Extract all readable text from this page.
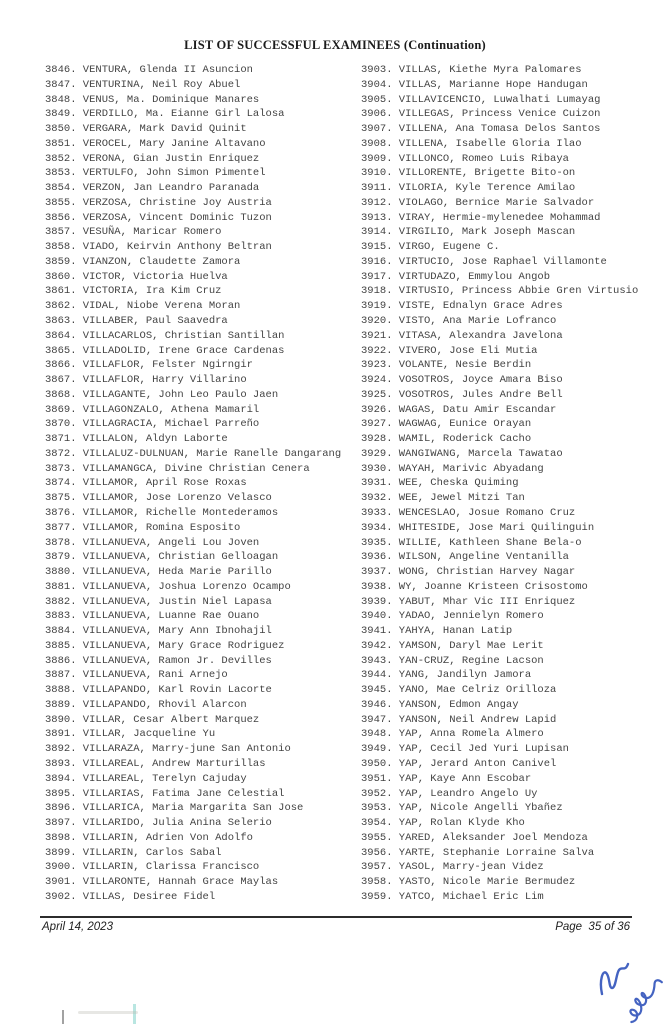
LIST OF SUCCESSFUL EXAMINEES (Continuation)
3846. VENTURA, Glenda II Asuncion
3847. VENTURINA, Neil Roy Abuel
3848. VENUS, Ma. Dominique Manares
3849. VERDILLO, Ma. Eianne Girl Lalosa
3850. VERGARA, Mark David Quinit
3851. VEROCEL, Mary Janine Altavano
3852. VERONA, Gian Justin Enriquez
3853. VERTULFO, John Simon Pimentel
3854. VERZON, Jan Leandro Paranada
3855. VERZOSA, Christine Joy Austria
3856. VERZOSA, Vincent Dominic Tuzon
3857. VESUÑA, Maricar Romero
3858. VIADO, Keirvin Anthony Beltran
3859. VIANZON, Claudette Zamora
3860. VICTOR, Victoria Huelva
3861. VICTORIA, Ira Kim Cruz
3862. VIDAL, Niobe Verena Moran
3863. VILLABER, Paul Saavedra
3864. VILLACARLOS, Christian Santillan
3865. VILLADOLID, Irene Grace Cardenas
3866. VILLAFLOR, Felster Ngirngir
3867. VILLAFLOR, Harry Villarino
3868. VILLAGANTE, John Leo Paulo Jaen
3869. VILLAGONZALO, Athena Mamaril
3870. VILLAGRACIA, Michael Parreño
3871. VILLALON, Aldyn Laborte
3872. VILLALUZ-DULNUAN, Marie Ranelle Dangarang
3873. VILLAMANGCA, Divine Christian Cenera
3874. VILLAMOR, April Rose Roxas
3875. VILLAMOR, Jose Lorenzo Velasco
3876. VILLAMOR, Richelle Montederamos
3877. VILLAMOR, Romina Esposito
3878. VILLANUEVA, Angeli Lou Joven
3879. VILLANUEVA, Christian Gelloagan
3880. VILLANUEVA, Heda Marie Parillo
3881. VILLANUEVA, Joshua Lorenzo Ocampo
3882. VILLANUEVA, Justin Niel Lapasa
3883. VILLANUEVA, Luanne Rae Ouano
3884. VILLANUEVA, Mary Ann Ibnohajil
3885. VILLANUEVA, Mary Grace Rodriguez
3886. VILLANUEVA, Ramon Jr. Devilles
3887. VILLANUEVA, Rani Arnejo
3888. VILLAPANDO, Karl Rovin Lacorte
3889. VILLAPANDO, Rhovil Alarcon
3890. VILLAR, Cesar Albert Marquez
3891. VILLAR, Jacqueline Yu
3892. VILLARAZA, Marry-june San Antonio
3893. VILLAREAL, Andrew Marturillas
3894. VILLAREAL, Terelyn Cajuday
3895. VILLARIAS, Fatima Jane Celestial
3896. VILLARICA, Maria Margarita San Jose
3897. VILLARIDO, Julia Anina Selerio
3898. VILLARIN, Adrien Von Adolfo
3899. VILLARIN, Carlos Sabal
3900. VILLARIN, Clarissa Francisco
3901. VILLARONTE, Hannah Grace Maylas
3902. VILLAS, Desiree Fidel
3903. VILLAS, Kiethe Myra Palomares
3904. VILLAS, Marianne Hope Handugan
3905. VILLAVICENCIO, Luwalhati Lumayag
3906. VILLEGAS, Princess Venice Cuizon
3907. VILLENA, Ana Tomasa Delos Santos
3908. VILLENA, Isabelle Gloria Ilao
3909. VILLONCO, Romeo Luis Ribaya
3910. VILLORENTE, Brigette Bito-on
3911. VILORIA, Kyle Terence Amilao
3912. VIOLAGO, Bernice Marie Salvador
3913. VIRAY, Hermie-mylenedee Mohammad
3914. VIRGILIO, Mark Joseph Mascan
3915. VIRGO, Eugene C.
3916. VIRTUCIO, Jose Raphael Villamonte
3917. VIRTUDAZO, Emmylou Angob
3918. VIRTUSIO, Princess Abbie Gren Virtusio
3919. VISTE, Ednalyn Grace Adres
3920. VISTO, Ana Marie Lofranco
3921. VITASA, Alexandra Javelona
3922. VIVERO, Jose Eli Mutia
3923. VOLANTE, Nesie Berdin
3924. VOSOTROS, Joyce Amara Biso
3925. VOSOTROS, Jules Andre Bell
3926. WAGAS, Datu Amir Escandar
3927. WAGWAG, Eunice Orayan
3928. WAMIL, Roderick Cacho
3929. WANGIWANG, Marcela Tawatao
3930. WAYAH, Marivic Abyadang
3931. WEE, Cheska Quiming
3932. WEE, Jewel Mitzi Tan
3933. WENCESLAO, Josue Romano Cruz
3934. WHITESIDE, Jose Mari Quilinguin
3935. WILLIE, Kathleen Shane Bela-o
3936. WILSON, Angeline Ventanilla
3937. WONG, Christian Harvey Nagar
3938. WY, Joanne Kristeen Crisostomo
3939. YABUT, Mhar Vic III Enriquez
3940. YADAO, Jennielyn Romero
3941. YAHYA, Hanan Latip
3942. YAMSON, Daryl Mae Lerit
3943. YAN-CRUZ, Regine Lacson
3944. YANG, Jandilyn Jamora
3945. YANO, Mae Celriz Orilloza
3946. YANSON, Edmon Angay
3947. YANSON, Neil Andrew Lapid
3948. YAP, Anna Romela Almero
3949. YAP, Cecil Jed Yuri Lupisan
3950. YAP, Jerard Anton Canivel
3951. YAP, Kaye Ann Escobar
3952. YAP, Leandro Angelo Uy
3953. YAP, Nicole Angelli Ybañez
3954. YAP, Rolan Klyde Kho
3955. YARED, Aleksander Joel Mendoza
3956. YARTE, Stephanie Lorraine Salva
3957. YASOL, Marry-jean Videz
3958. YASTO, Nicole Marie Bermudez
3959. YATCO, Michael Eric Lim
April 14, 2023	Page  35 of 36
